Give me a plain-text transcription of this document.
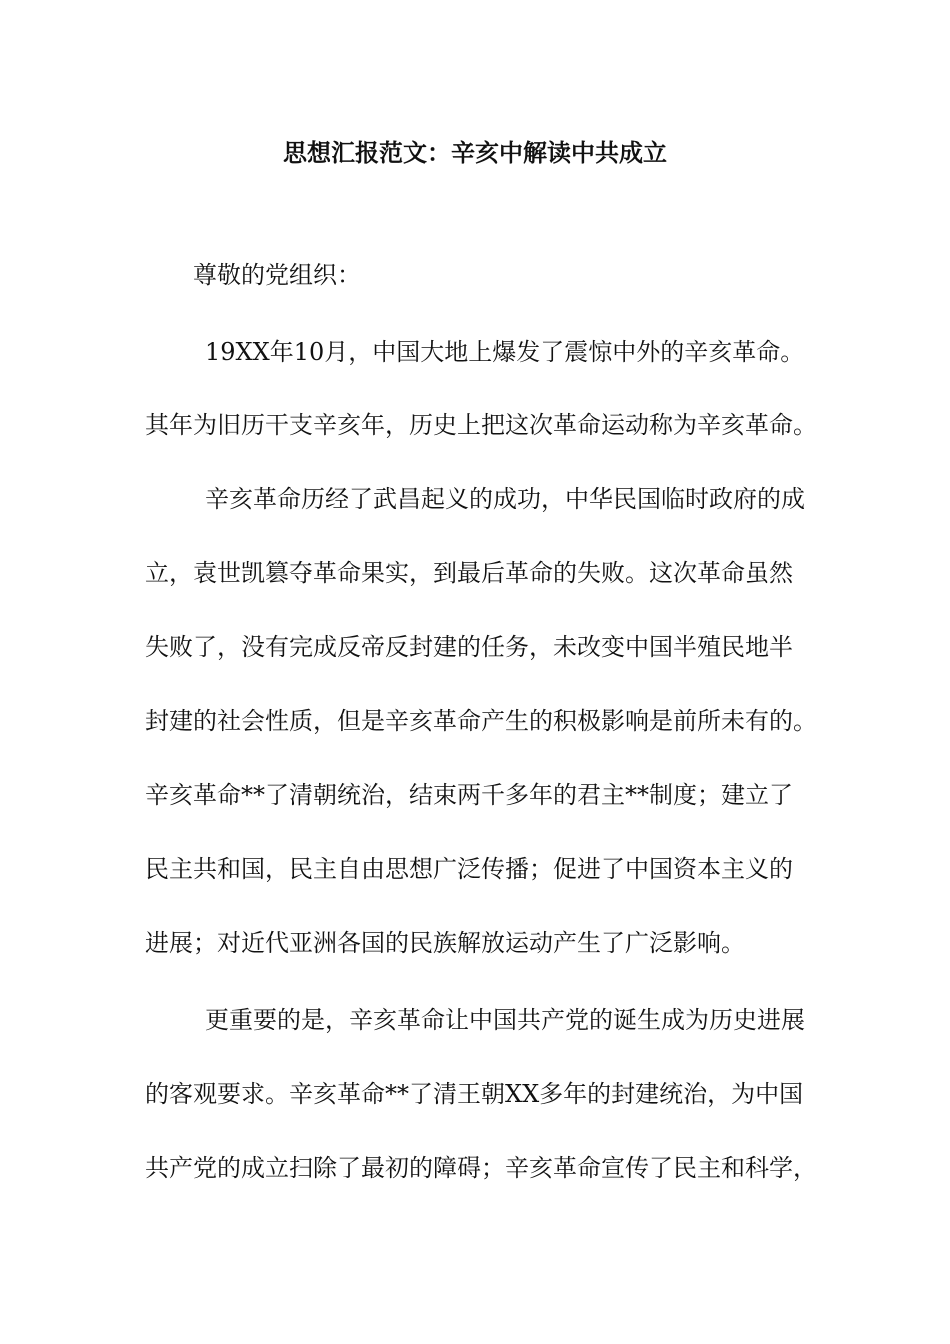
思想汇报范文：辛亥中解读中共成立
尊敬的党组织：
19XX年10月，中国大地上爆发了震惊中外的辛亥革命。
其年为旧历干支辛亥年，历史上把这次革命运动称为辛亥革命。
辛亥革命历经了武昌起义的成功，中华民国临时政府的成
立，袁世凯篡夺革命果实，到最后革命的失败。这次革命虽然
失败了，没有完成反帝反封建的任务，未改变中国半殖民地半
封建的社会性质，但是辛亥革命产生的积极影响是前所未有的。
辛亥革命**了清朝统治，结束两千多年的君主**制度；建立了
民主共和国，民主自由思想广泛传播；促进了中国资本主义的
进展；对近代亚洲各国的民族解放运动产生了广泛影响。
更重要的是，辛亥革命让中国共产党的诞生成为历史进展
的客观要求。辛亥革命**了清王朝XX多年的封建统治，为中国
共产党的成立扫除了最初的障碍；辛亥革命宣传了民主和科学，
